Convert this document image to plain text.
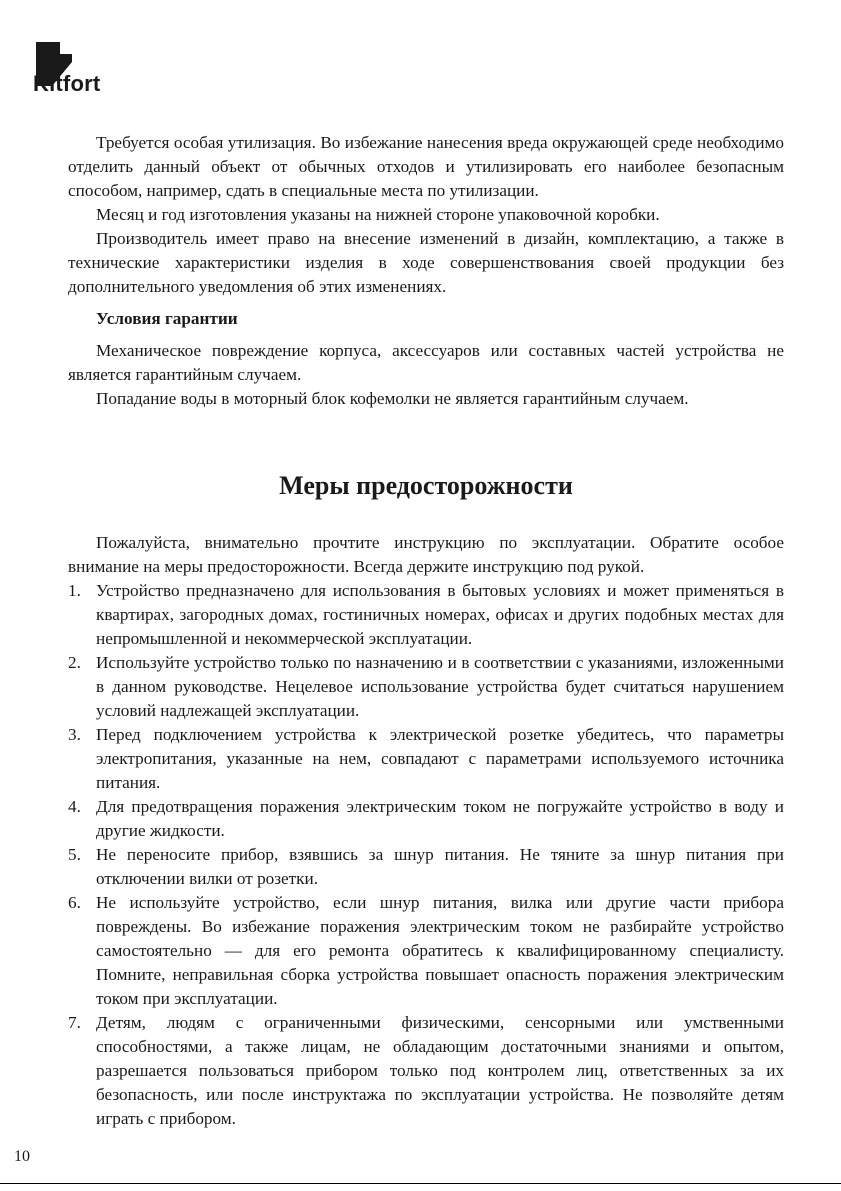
Kitfort

Требуется особая утилизация. Во избежание нанесения вреда окружающей среде необходимо отделить данный объект от обычных отходов и утилизировать его наиболее безопасным способом, например, сдать в специальные места по утилизации.

Месяц и год изготовления указаны на нижней стороне упаковочной коробки.

Производитель имеет право на внесение изменений в дизайн, комплектацию, а также в технические характеристики изделия в ходе совершенствования своей продукции без дополнительного уведомления об этих изменениях.

Условия гарантии

Механическое повреждение корпуса, аксессуаров или составных частей устройства не является гарантийным случаем.

Попадание воды в моторный блок кофемолки не является гарантийным случаем.

Меры предосторожности

Пожалуйста, внимательно прочтите инструкцию по эксплуатации. Обратите особое внимание на меры предосторожности. Всегда держите инструкцию под рукой.

1. Устройство предназначено для использования в бытовых условиях и может применяться в квартирах, загородных домах, гостиничных номерах, офисах и других подобных местах для непромышленной и некоммерческой эксплуатации.
2. Используйте устройство только по назначению и в соответствии с указаниями, изложенными в данном руководстве. Нецелевое использование устройства будет считаться нарушением условий надлежащей эксплуатации.
3. Перед подключением устройства к электрической розетке убедитесь, что параметры электропитания, указанные на нем, совпадают с параметрами используемого источника питания.
4. Для предотвращения поражения электрическим током не погружайте устройство в воду и другие жидкости.
5. Не переносите прибор, взявшись за шнур питания. Не тяните за шнур питания при отключении вилки от розетки.
6. Не используйте устройство, если шнур питания, вилка или другие части прибора повреждены. Во избежание поражения электрическим током не разбирайте устройство самостоятельно — для его ремонта обратитесь к квалифицированному специалисту. Помните, неправильная сборка устройства повышает опасность поражения электрическим током при эксплуатации.
7. Детям, людям с ограниченными физическими, сенсорными или умственными способностями, а также лицам, не обладающим достаточными знаниями и опытом, разрешается пользоваться прибором только под контролем лиц, ответственных за их безопасность, или после инструктажа по эксплуатации устройства. Не позволяйте детям играть с прибором.
10
